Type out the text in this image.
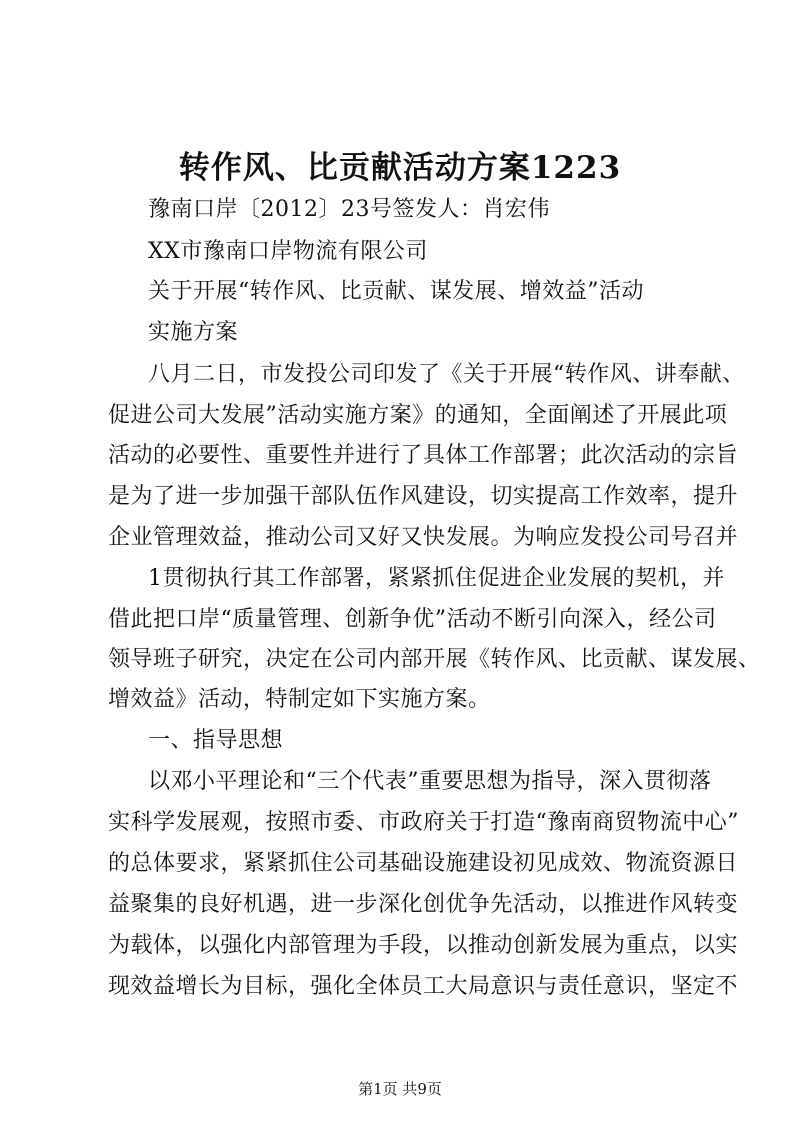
转作风、比贡献活动方案1223
豫南口岸〔2012〕23号签发人：肖宏伟
XX市豫南口岸物流有限公司
关于开展“转作风、比贡献、谋发展、增效益”活动
实施方案
八月二日，市发投公司印发了《关于开展“转作风、讲奉献、
促进公司大发展”活动实施方案》的通知，全面阐述了开展此项
活动的必要性、重要性并进行了具体工作部署；此次活动的宗旨
是为了进一步加强干部队伍作风建设，切实提高工作效率，提升
企业管理效益，推动公司又好又快发展。为响应发投公司号召并
1贯彻执行其工作部署，紧紧抓住促进企业发展的契机，并
借此把口岸“质量管理、创新争优”活动不断引向深入，经公司
领导班子研究，决定在公司内部开展《转作风、比贡献、谋发展、
增效益》活动，特制定如下实施方案。
一、指导思想
以邓小平理论和“三个代表”重要思想为指导，深入贯彻落
实科学发展观，按照市委、市政府关于打造“豫南商贸物流中心”
的总体要求，紧紧抓住公司基础设施建设初见成效、物流资源日
益聚集的良好机遇，进一步深化创优争先活动，以推进作风转变
为载体，以强化内部管理为手段，以推动创新发展为重点，以实
现效益增长为目标，强化全体员工大局意识与责任意识，坚定不
第1页 共9页
